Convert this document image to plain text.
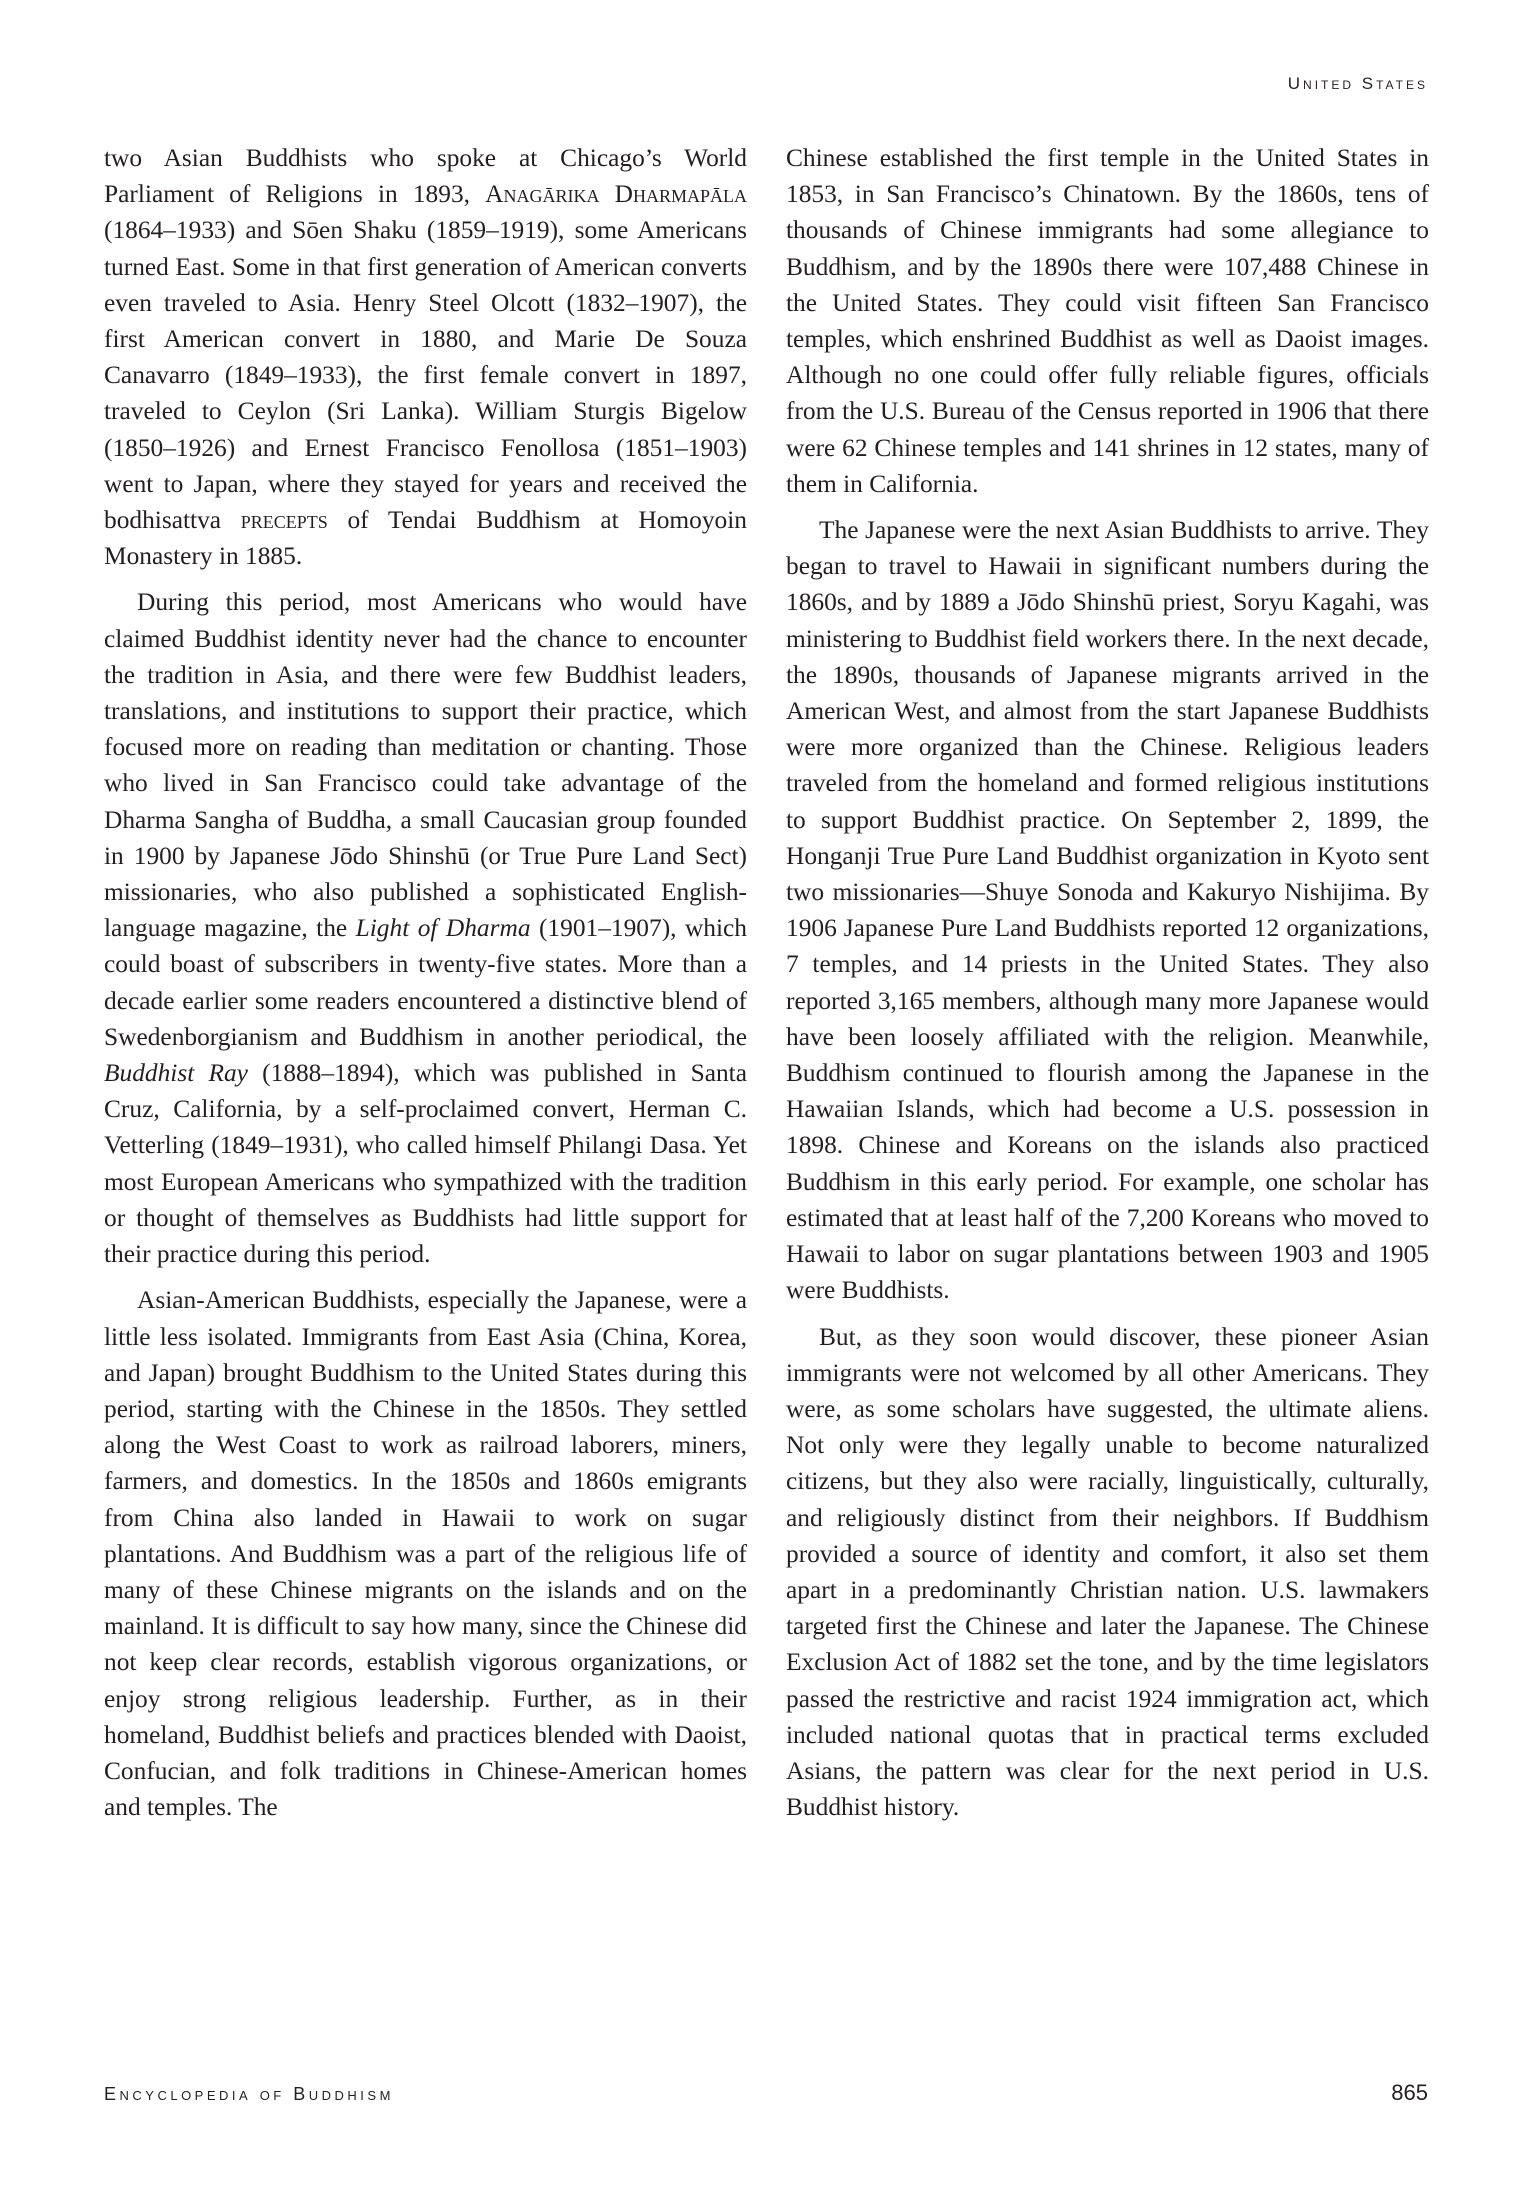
United States

two Asian Buddhists who spoke at Chicago’s World Parliament of Religions in 1893, Anagārika Dharmapāla (1864–1933) and Sōen Shaku (1859–1919), some Americans turned East. Some in that first generation of American converts even traveled to Asia. Henry Steel Olcott (1832–1907), the first American convert in 1880, and Marie De Souza Canavarro (1849–1933), the first female convert in 1897, traveled to Ceylon (Sri Lanka). William Sturgis Bigelow (1850–1926) and Ernest Francisco Fenollosa (1851–1903) went to Japan, where they stayed for years and received the bodhisattva precepts of Tendai Buddhism at Homoyoin Monastery in 1885.

During this period, most Americans who would have claimed Buddhist identity never had the chance to encounter the tradition in Asia, and there were few Buddhist leaders, translations, and institutions to support their practice, which focused more on reading than meditation or chanting. Those who lived in San Francisco could take advantage of the Dharma Sangha of Buddha, a small Caucasian group founded in 1900 by Japanese Jōdo Shinshū (or True Pure Land Sect) missionaries, who also published a sophisticated English-language magazine, the Light of Dharma (1901–1907), which could boast of subscribers in twenty-five states. More than a decade earlier some readers encountered a distinctive blend of Swedenborgianism and Buddhism in another periodical, the Buddhist Ray (1888–1894), which was published in Santa Cruz, California, by a self-proclaimed convert, Herman C. Vetterling (1849–1931), who called himself Philangi Dasa. Yet most European Americans who sympathized with the tradition or thought of themselves as Buddhists had little support for their practice during this period.

Asian-American Buddhists, especially the Japanese, were a little less isolated. Immigrants from East Asia (China, Korea, and Japan) brought Buddhism to the United States during this period, starting with the Chinese in the 1850s. They settled along the West Coast to work as railroad laborers, miners, farmers, and domestics. In the 1850s and 1860s emigrants from China also landed in Hawaii to work on sugar plantations. And Buddhism was a part of the religious life of many of these Chinese migrants on the islands and on the mainland. It is difficult to say how many, since the Chinese did not keep clear records, establish vigorous organizations, or enjoy strong religious leadership. Further, as in their homeland, Buddhist beliefs and practices blended with Daoist, Confucian, and folk traditions in Chinese-American homes and temples. The

Chinese established the first temple in the United States in 1853, in San Francisco’s Chinatown. By the 1860s, tens of thousands of Chinese immigrants had some allegiance to Buddhism, and by the 1890s there were 107,488 Chinese in the United States. They could visit fifteen San Francisco temples, which enshrined Buddhist as well as Daoist images. Although no one could offer fully reliable figures, officials from the U.S. Bureau of the Census reported in 1906 that there were 62 Chinese temples and 141 shrines in 12 states, many of them in California.

The Japanese were the next Asian Buddhists to arrive. They began to travel to Hawaii in significant numbers during the 1860s, and by 1889 a Jōdo Shinshū priest, Soryu Kagahi, was ministering to Buddhist field workers there. In the next decade, the 1890s, thousands of Japanese migrants arrived in the American West, and almost from the start Japanese Buddhists were more organized than the Chinese. Religious leaders traveled from the homeland and formed religious institutions to support Buddhist practice. On September 2, 1899, the Honganji True Pure Land Buddhist organization in Kyoto sent two missionaries—Shuye Sonoda and Kakuryo Nishijima. By 1906 Japanese Pure Land Buddhists reported 12 organizations, 7 temples, and 14 priests in the United States. They also reported 3,165 members, although many more Japanese would have been loosely affiliated with the religion. Meanwhile, Buddhism continued to flourish among the Japanese in the Hawaiian Islands, which had become a U.S. possession in 1898. Chinese and Koreans on the islands also practiced Buddhism in this early period. For example, one scholar has estimated that at least half of the 7,200 Koreans who moved to Hawaii to labor on sugar plantations between 1903 and 1905 were Buddhists.

But, as they soon would discover, these pioneer Asian immigrants were not welcomed by all other Americans. They were, as some scholars have suggested, the ultimate aliens. Not only were they legally unable to become naturalized citizens, but they also were racially, linguistically, culturally, and religiously distinct from their neighbors. If Buddhism provided a source of identity and comfort, it also set them apart in a predominantly Christian nation. U.S. lawmakers targeted first the Chinese and later the Japanese. The Chinese Exclusion Act of 1882 set the tone, and by the time legislators passed the restrictive and racist 1924 immigration act, which included national quotas that in practical terms excluded Asians, the pattern was clear for the next period in U.S. Buddhist history.

Encyclopedia of Buddhism	865
